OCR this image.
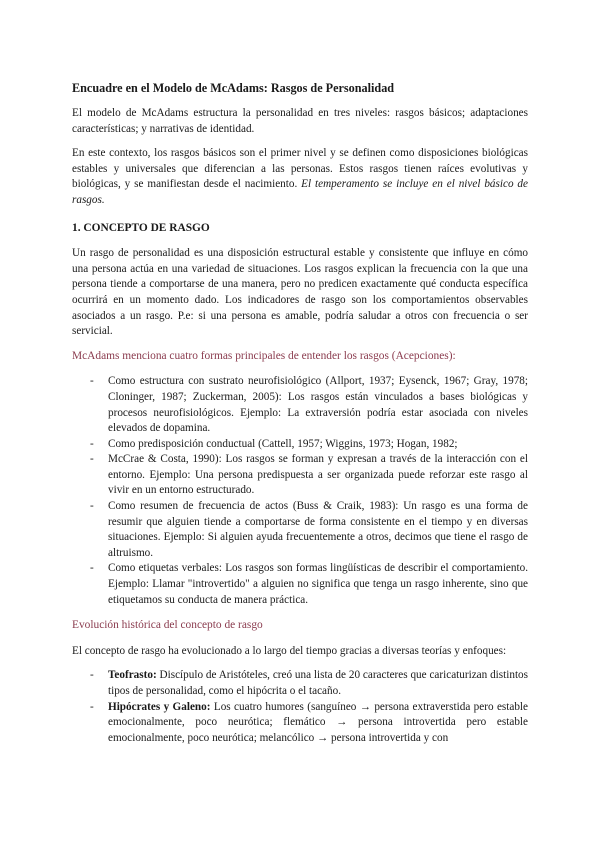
Encuadre en el Modelo de McAdams: Rasgos de Personalidad

El modelo de McAdams estructura la personalidad en tres niveles: rasgos básicos; adaptaciones características; y narrativas de identidad.

En este contexto, los rasgos básicos son el primer nivel y se definen como disposiciones biológicas estables y universales que diferencian a las personas. Estos rasgos tienen raíces evolutivas y biológicas, y se manifiestan desde el nacimiento. El temperamento se incluye en el nivel básico de rasgos.

1. CONCEPTO DE RASGO

Un rasgo de personalidad es una disposición estructural estable y consistente que influye en cómo una persona actúa en una variedad de situaciones. Los rasgos explican la frecuencia con la que una persona tiende a comportarse de una manera, pero no predicen exactamente qué conducta específica ocurrirá en un momento dado. Los indicadores de rasgo son los comportamientos observables asociados a un rasgo. P.e: si una persona es amable, podría saludar a otros con frecuencia o ser servicial.

McAdams menciona cuatro formas principales de entender los rasgos (Acepciones):
- Como estructura con sustrato neurofisiológico (Allport, 1937; Eysenck, 1967; Gray, 1978; Cloninger, 1987; Zuckerman, 2005): Los rasgos están vinculados a bases biológicas y procesos neurofisiológicos. Ejemplo: La extraversión podría estar asociada con niveles elevados de dopamina.
- Como predisposición conductual (Cattell, 1957; Wiggins, 1973; Hogan, 1982;
- McCrae & Costa, 1990): Los rasgos se forman y expresan a través de la interacción con el entorno. Ejemplo: Una persona predispuesta a ser organizada puede reforzar este rasgo al vivir en un entorno estructurado.
- Como resumen de frecuencia de actos (Buss & Craik, 1983): Un rasgo es una forma de resumir que alguien tiende a comportarse de forma consistente en el tiempo y en diversas situaciones. Ejemplo: Si alguien ayuda frecuentemente a otros, decimos que tiene el rasgo de altruismo.
- Como etiquetas verbales: Los rasgos son formas lingüísticas de describir el comportamiento. Ejemplo: Llamar "introvertido" a alguien no significa que tenga un rasgo inherente, sino que etiquetamos su conducta de manera práctica.
Evolución histórica del concepto de rasgo

El concepto de rasgo ha evolucionado a lo largo del tiempo gracias a diversas teorías y enfoques:

- Teofrasto: Discípulo de Aristóteles, creó una lista de 20 caracteres que caricaturizan distintos tipos de personalidad, como el hipócrita o el tacaño.
- Hipócrates y Galeno: Los cuatro humores (sanguíneo → persona extraverstida pero estable emocionalmente, poco neurótica; flemático → persona introvertida pero estable emocionalmente, poco neurótica; melancólico → persona introvertida y con
